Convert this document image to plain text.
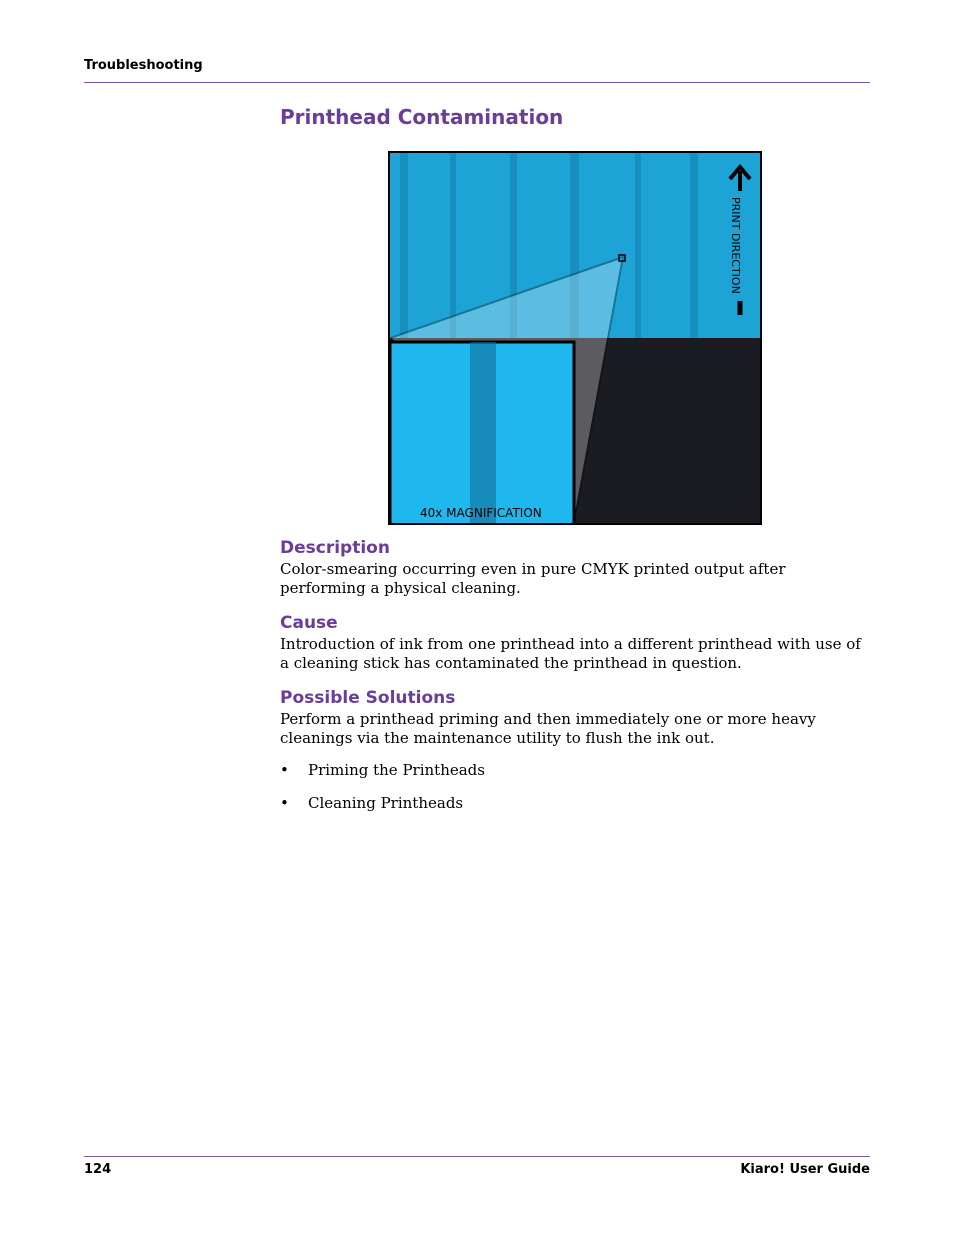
Troubleshooting
Printhead Contamination
PRINT DIRECTION
40x MAGNIFICATION
Description

Color-smearing occurring even in pure CMYK printed output after performing a physical cleaning.

Cause

Introduction of ink from one printhead into a different printhead with use of a cleaning stick has contaminated the printhead in question.

Possible Solutions

Perform a printhead priming and then immediately one or more heavy cleanings via the maintenance utility to flush the ink out.

• Priming the Printheads
• Cleaning Printheads
124	Kiaro! User Guide
